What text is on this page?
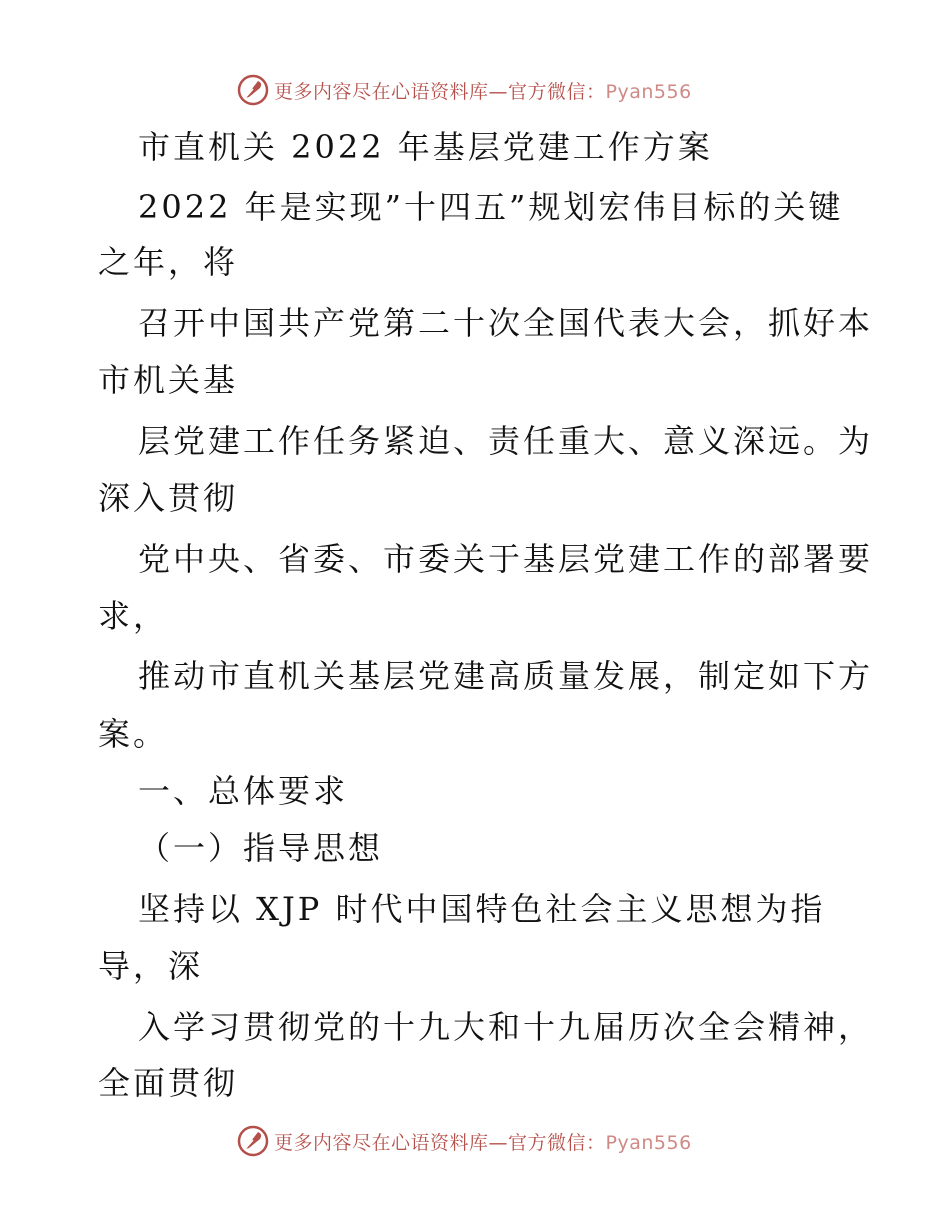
更多内容尽在心语资料库—官方微信：Pyan556
市直机关 2022 年基层党建工作方案
2022 年是实现”十四五”规划宏伟目标的关键
之年，将
召开中国共产党第二十次全国代表大会，抓好本
市机关基
层党建工作任务紧迫、责任重大、意义深远。为
深入贯彻
党中央、省委、市委关于基层党建工作的部署要
求，
推动市直机关基层党建高质量发展，制定如下方
案。
一、总体要求
（一）指导思想
坚持以 XJP 时代中国特色社会主义思想为指
导，深
入学习贯彻党的十九大和十九届历次全会精神，
全面贯彻
更多内容尽在心语资料库—官方微信：Pyan556
